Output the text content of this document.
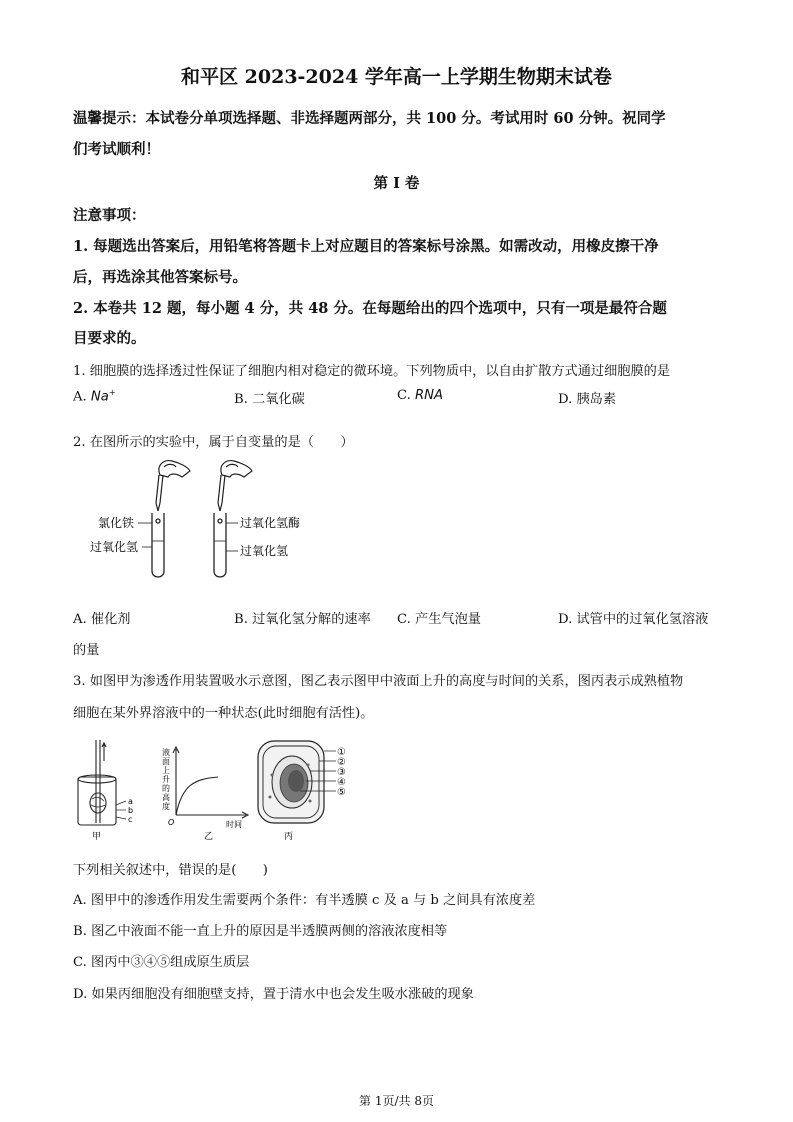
和平区 2023-2024 学年高一上学期生物期末试卷
温馨提示：本试卷分单项选择题、非选择题两部分，共 100 分。考试用时 60 分钟。祝同学
们考试顺利！
第 I 卷
注意事项：
1. 每题选出答案后，用铅笔将答题卡上对应题目的答案标号涂黑。如需改动，用橡皮擦干净
后，再选涂其他答案标号。
2. 本卷共 12 题，每小题 4 分，共 48 分。在每题给出的四个选项中，只有一项是最符合题
目要求的。
1. 细胞膜的选择透过性保证了细胞内相对稳定的微环境。下列物质中，以自由扩散方式通过细胞膜的是
A. Na+	B. 二氧化碳	C. RNA	D. 胰岛素
2. 在图所示的实验中，属于自变量的是（　　）
氯化铁
过氧化氢
过氧化氢酶
过氧化氢
A. 催化剂	B. 过氧化氢分解的速率 C. 产生气泡量	D. 试管中的过氧化氢溶液
的量
3. 如图甲为渗透作用装置吸水示意图，图乙表示图甲中液面上升的高度与时间的关系，图丙表示成熟植物
细胞在某外界溶液中的一种状态(此时细胞有活性)。
a
b
c
甲
液
面
上
升
的
高
度
O	时间
乙
①
②
③
④
⑤
丙
下列相关叙述中，错误的是(　　)
A. 图甲中的渗透作用发生需要两个条件：有半透膜 c 及 a 与 b 之间具有浓度差
B. 图乙中液面不能一直上升的原因是半透膜两侧的溶液浓度相等
C. 图丙中③④⑤组成原生质层
D. 如果丙细胞没有细胞壁支持，置于清水中也会发生吸水涨破的现象
第 1页/共 8页
